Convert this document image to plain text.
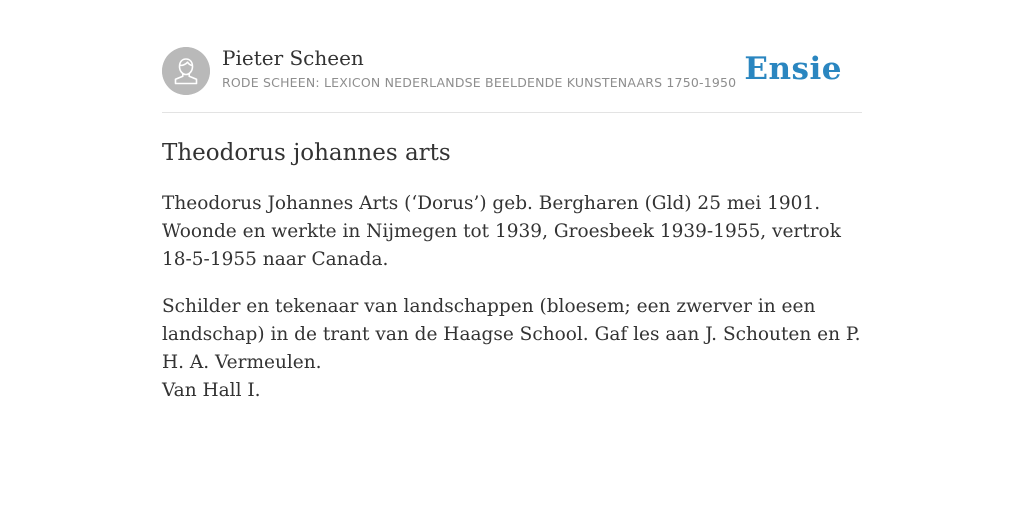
Pieter Scheen
RODE SCHEEN: LEXICON NEDERLANDSE BEELDENDE KUNSTENAARS 1750-1950 Ensie
Theodorus johannes arts

Theodorus Johannes Arts (‘Dorus’) geb. Bergharen (Gld) 25 mei 1901. Woonde en werkte in Nijmegen tot 1939, Groesbeek 1939-1955, vertrok 18-5-1955 naar Canada.

Schilder en tekenaar van landschappen (bloesem; een zwerver in een landschap) in de trant van de Haagse School. Gaf les aan J. Schouten en P. H. A. Vermeulen.

Van Hall I.
